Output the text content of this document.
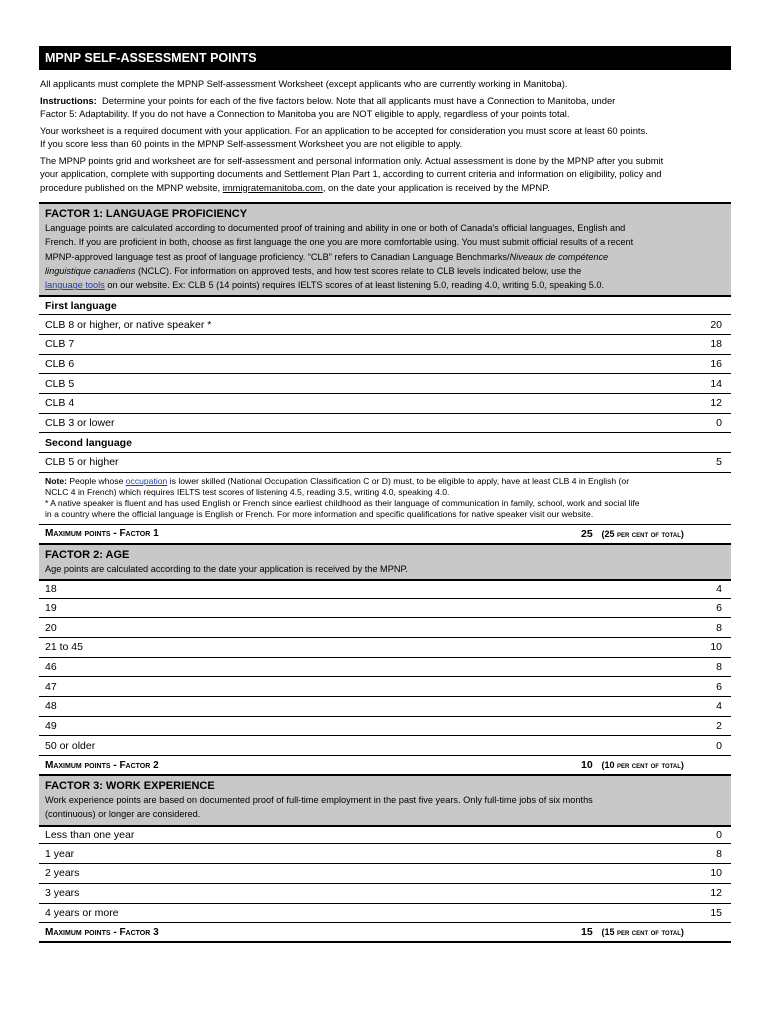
MPNP SELF-ASSESSMENT POINTS

All applicants must complete the MPNP Self-assessment Worksheet (except applicants who are currently working in Manitoba).

Instructions: Determine your points for each of the five factors below. Note that all applicants must have a Connection to Manitoba, under

Factor 5: Adaptability. If you do not have a Connection to Manitoba you are NOT eligible to apply, regardless of your points total.

Your worksheet is a required document with your application. For an application to be accepted for consideration you must score at least 60 points.

If you score less than 60 points in the MPNP Self-assessment Worksheet you are not eligible to apply.

The MPNP points grid and worksheet are for self-assessment and personal information only. Actual assessment is done by the MPNP after you submit

your application, complete with supporting documents and Settlement Plan Part 1, according to current criteria and information on eligibility, policy and

procedure published on the MPNP website, immigratemanitoba.com, on the date your application is received by the MPNP.

FACTOR 1: LANGUAGE PROFICIENCY
Language points are calculated according to documented proof of training and ability in one or both of Canada's official languages, English and
French. If you are proficient in both, choose as first language the one you are more comfortable using. You must submit official results of a recent
MPNP-approved language test as proof of language proficiency. “CLB” refers to Canadian Language Benchmarks/Niveaux de compétence
linguistique canadiens (NCLC). For information on approved tests, and how test scores relate to CLB levels indicated below, use the
language tools on our website. Ex: CLB 5 (14 points) requires IELTS scores of at least listening 5.0, reading 4.0, writing 5.0, speaking 5.0.
First language
CLB 8 or higher, or native speaker *	20
CLB 7	18
CLB 6	16
CLB 5	14
CLB 4	12
CLB 3 or lower	0
Second language
CLB 5 or higher	5
Note: People whose occupation is lower skilled (National Occupation Classification C or D) must, to be eligible to apply, have at least CLB 4 in English (or
NCLC 4 in French) which requires IELTS test scores of listening 4.5, reading 3.5, writing 4.0, speaking 4.0.
* A native speaker is fluent and has used English or French since earliest childhood as their language of communication in family, school, work and social life
in a country where the official language is English or French. For more information and specific qualifications for native speaker visit our website.
Maximum points - Factor 1	25 (25 per cent of total)
FACTOR 2: AGE
Age points are calculated according to the date your application is received by the MPNP.
18	4
19	6
20	8
21 to 45	10
46	8
47	6
48	4
49	2
50 or older	0
Maximum points - Factor 2	10 (10 per cent of total)
FACTOR 3: WORK EXPERIENCE
Work experience points are based on documented proof of full-time employment in the past five years. Only full-time jobs of six months
(continuous) or longer are considered.
Less than one year	0
1 year	8
2 years	10
3 years	12
4 years or more	15
Maximum points - Factor 3	15 (15 per cent of total)
